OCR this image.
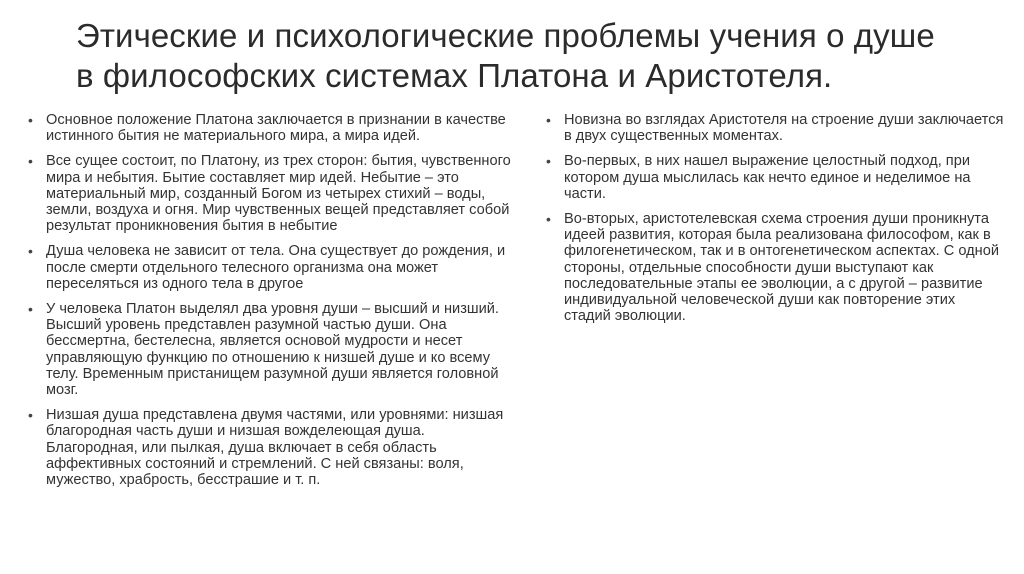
Этические и психологические проблемы учения о душе в философских системах Платона и Аристотеля.
• Основное положение Платона заключается в признании в качестве истинного бытия не материального мира, а мира идей.
• Все сущее состоит, по Платону, из трех сторон: бытия, чувственного мира и небытия. Бытие составляет мир идей. Небытие – это материальный мир, созданный Богом из четырех стихий – воды, земли, воздуха и огня. Мир чувственных вещей представляет собой результат проникновения бытия в небытие
• Душа человека не зависит от тела. Она существует до рождения, и после смерти отдельного телесного организма она может переселяться из одного тела в другое
• У человека Платон выделял два уровня души – высший и низший. Высший уровень представлен разумной частью души. Она бессмертна, бестелесна, является основой мудрости и несет управляющую функцию по отношению к низшей душе и ко всему телу. Временным пристанищем разумной души является головной мозг.
• Низшая душа представлена двумя частями, или уровнями: низшая благородная часть души и низшая вожделеющая душа. Благородная, или пылкая, душа включает в себя область аффективных состояний и стремлений. С ней связаны: воля, мужество, храбрость, бесстрашие и т. п.
• Новизна во взглядах Аристотеля на строение души заключается в двух существенных моментах.
• Во-первых, в них нашел выражение целостный подход, при котором душа мыслилась как нечто единое и неделимое на части.
• Во-вторых, аристотелевская схема строения души проникнута идеей развития, которая была реализована философом, как в филогенетическом, так и в онтогенетическом аспектах. С одной стороны, отдельные способности души выступают как последовательные этапы ее эволюции, а с другой – развитие индивидуальной человеческой души как повторение этих стадий эволюции.
